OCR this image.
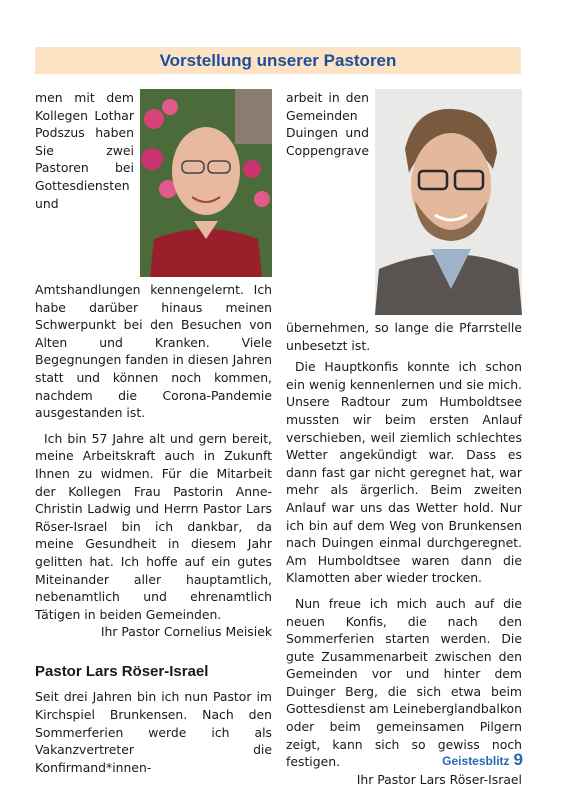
Vorstellung unserer Pastoren

men mit dem Kollegen Lothar Podszus haben Sie zwei Pastoren bei Gottesdiensten und Amtshandlungen kennengelernt. Ich habe darüber hinaus meinen Schwerpunkt bei den Besuchen von Alten und Kranken. Viele Begegnungen fanden in diesen Jahren statt und können noch kommen, nachdem die Corona-Pandemie ausgestanden ist.

Ich bin 57 Jahre alt und gern bereit, meine Arbeitskraft auch in Zukunft Ihnen zu widmen. Für die Mitarbeit der Kollegen Frau Pastorin Anne-Christin Ladwig und Herrn Pastor Lars Röser-Israel bin ich dankbar, da meine Gesundheit in diesem Jahr gelitten hat. Ich hoffe auf ein gutes Miteinander aller hauptamtlich, nebenamtlich und ehrenamtlich Tätigen in beiden Gemeinden.

Ihr Pastor Cornelius Meisiek

Pastor Lars Röser-Israel

Seit drei Jahren bin ich nun Pastor im Kirchspiel Brunkensen. Nach den Sommerferien werde ich als Vakanzvertreter die Konfirmand*innen-

arbeit in den Gemeinden Duingen und Coppengrave übernehmen, so lange die Pfarrstelle unbesetzt ist.

Die Hauptkonfis konnte ich schon ein wenig kennenlernen und sie mich. Unsere Radtour zum Humboldtsee mussten wir beim ersten Anlauf verschieben, weil ziemlich schlechtes Wetter angekündigt war. Dass es dann fast gar nicht geregnet hat, war mehr als ärgerlich. Beim zweiten Anlauf war uns das Wetter hold. Nur ich bin auf dem Weg von Brunkensen nach Duingen einmal durchgeregnet. Am Humboldtsee waren dann die Klamotten aber wieder trocken.

Nun freue ich mich auch auf die neuen Konfis, die nach den Sommerferien starten werden. Die gute Zusammenarbeit zwischen den Gemeinden vor und hinter dem Duinger Berg, die sich etwa beim Gottesdienst am Leineberglandbalkon oder beim gemeinsamen Pilgern zeigt, kann sich so gewiss noch festigen.

Ihr Pastor Lars Röser-Israel

Geistesblitz 9
